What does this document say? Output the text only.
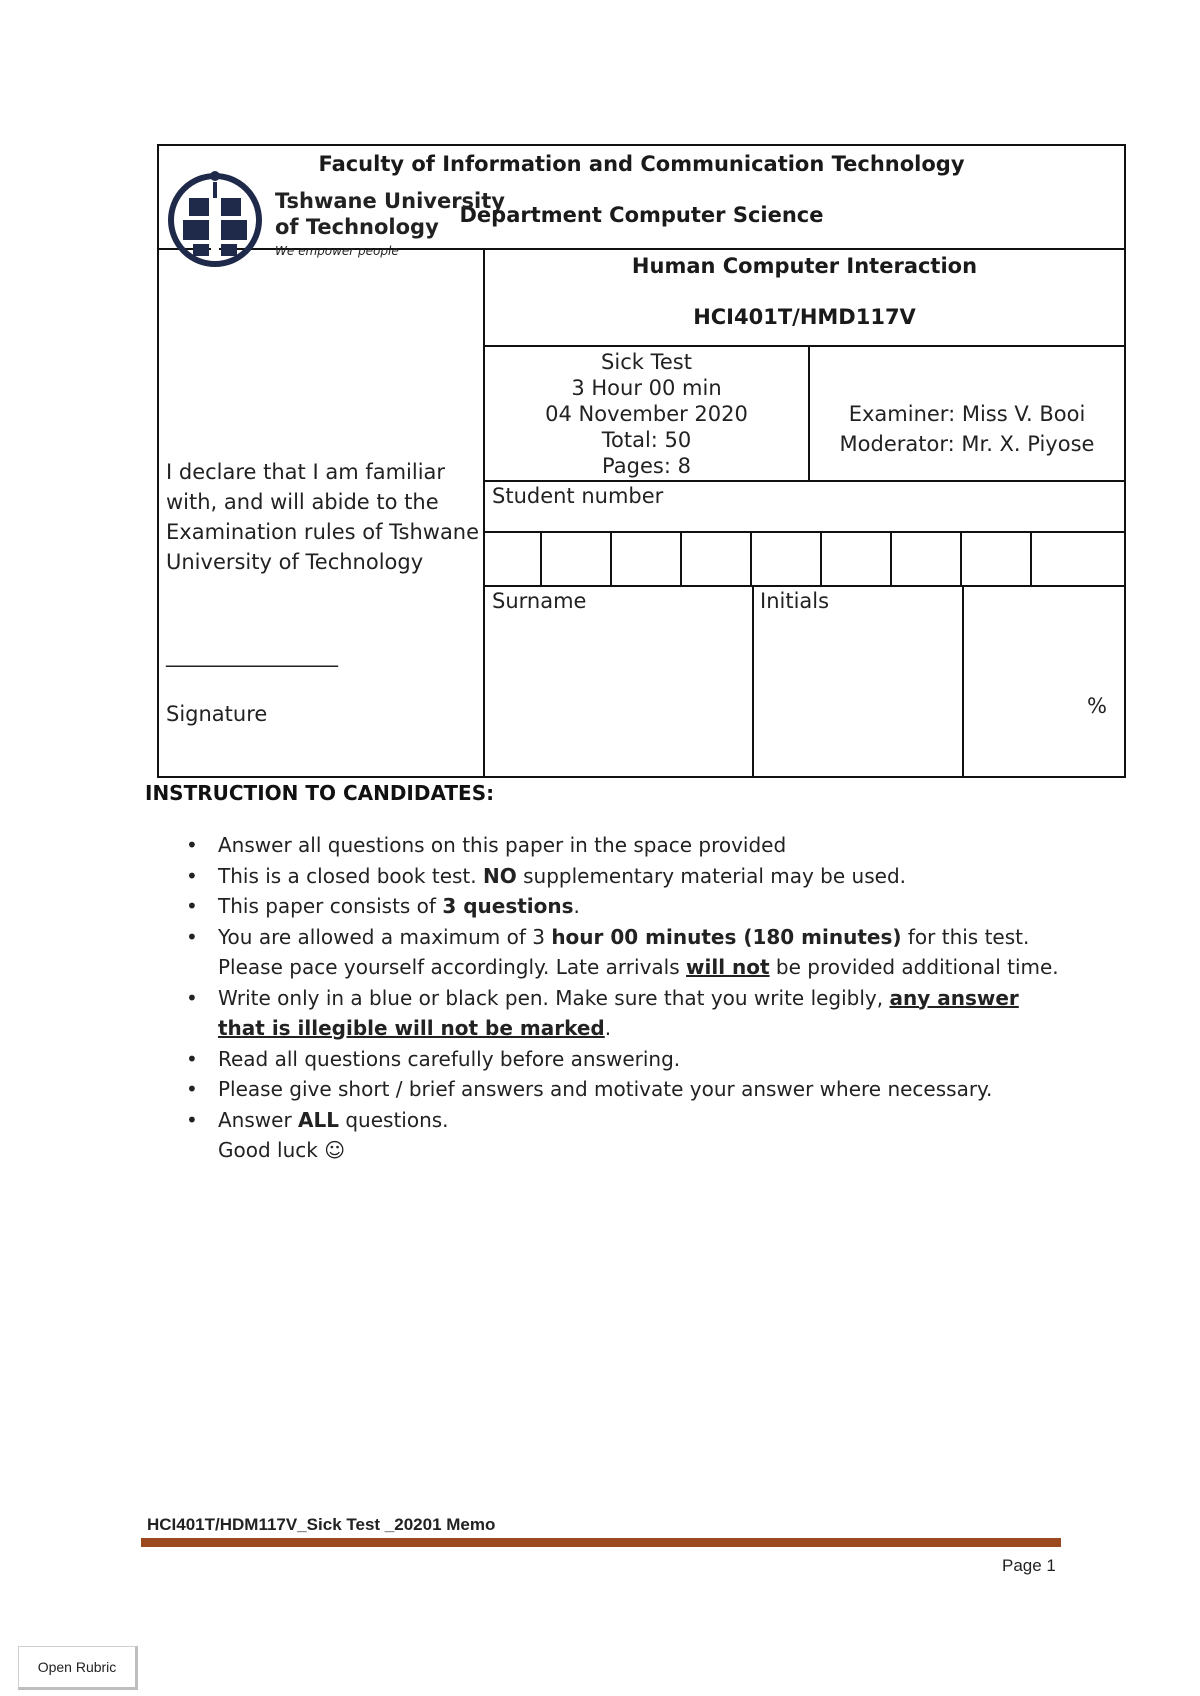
Faculty of Information and Communication Technology
Department Computer Science
Tshwane University
of Technology
We empower people
I declare that I am familiar
with, and will abide to the
Examination rules of Tshwane
University of Technology
____________________
Signature
Human Computer Interaction
HCI401T/HMD117V
Sick Test
3 Hour 00 min
04 November 2020
Total: 50
Pages: 8
Examiner: Miss V. Booi
Moderator: Mr. X. Piyose
Student number
Surname	Initials
%
INSTRUCTION TO CANDIDATES:
• Answer all questions on this paper in the space provided
• This is a closed book test. NO supplementary material may be used.
• This paper consists of 3 questions.
• You are allowed a maximum of 3 hour 00 minutes (180 minutes) for this test.
Please pace yourself accordingly. Late arrivals will not be provided additional time.
• Write only in a blue or black pen. Make sure that you write legibly, any answer
that is illegible will not be marked.
• Read all questions carefully before answering.
• Please give short / brief answers and motivate your answer where necessary.
• Answer ALL questions.
Good luck ☺
HCI401T/HDM117V_Sick Test _20201 Memo
Page 1
Open Rubric
